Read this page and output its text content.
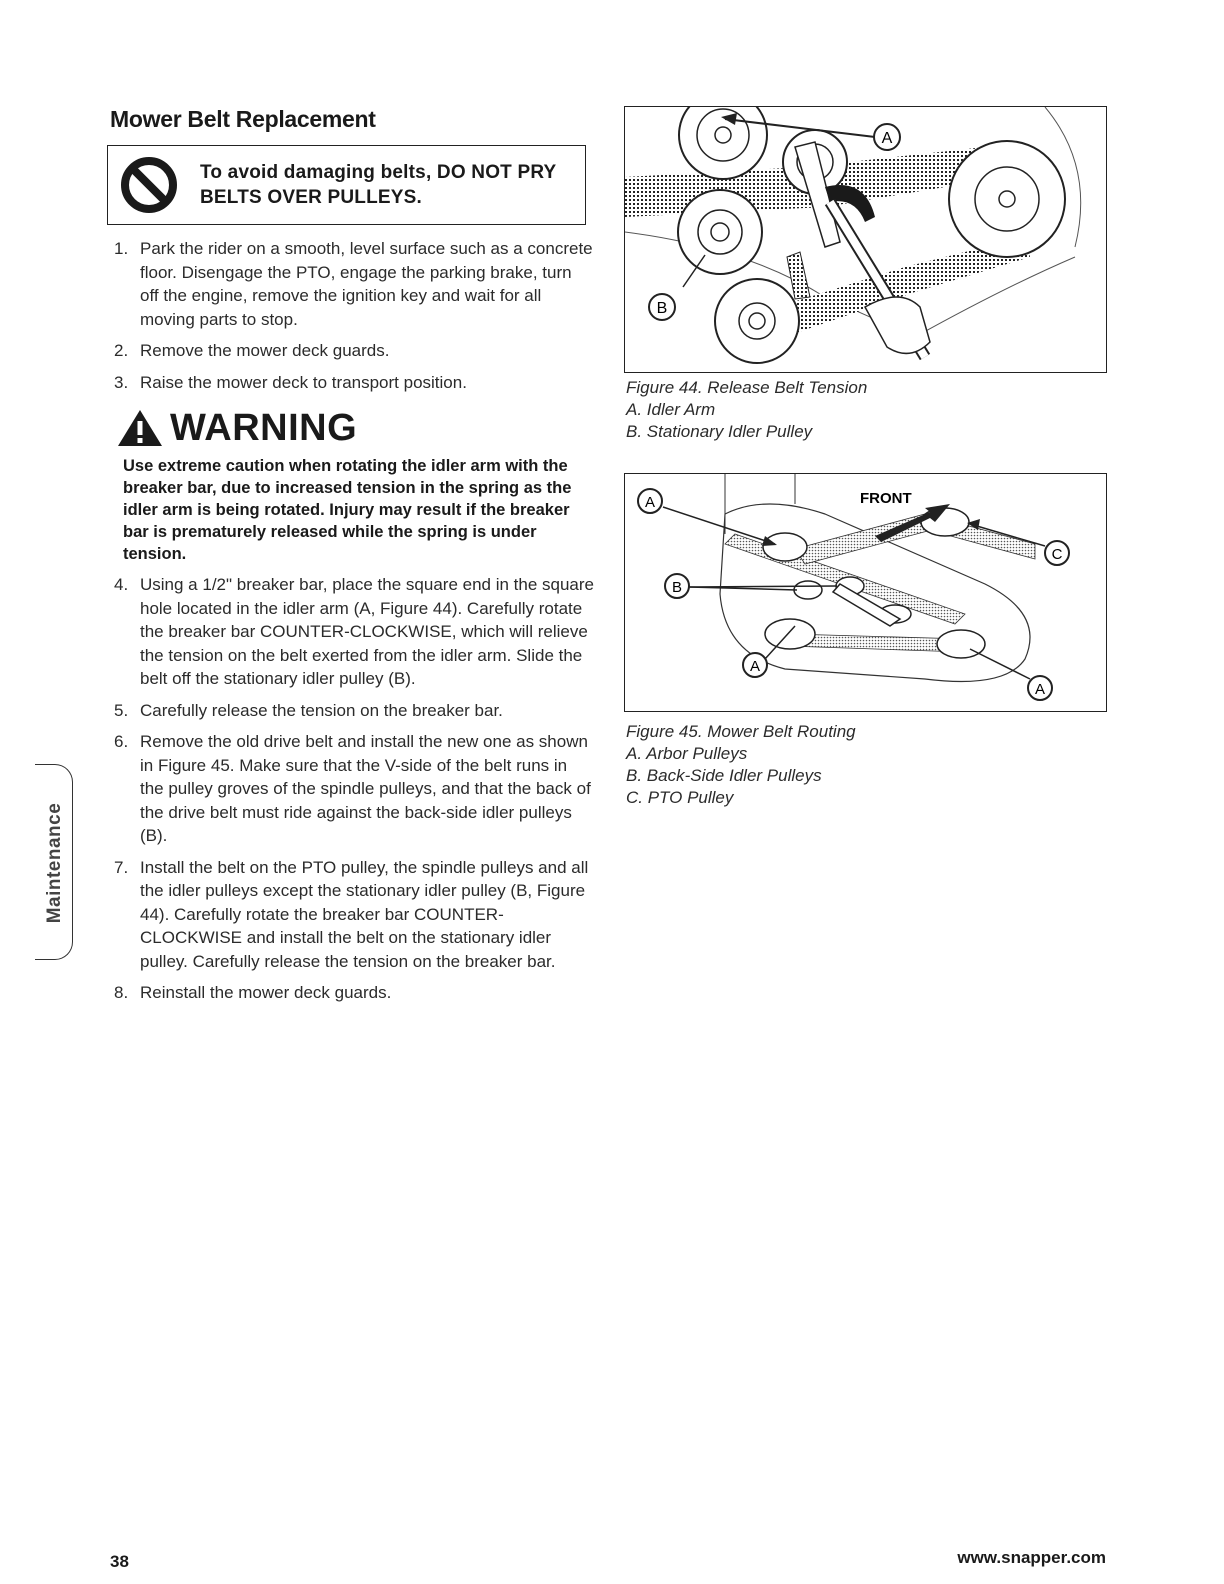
Mower Belt Replacement
To avoid damaging belts, DO NOT PRY BELTS OVER PULLEYS.
1. Park the rider on a smooth, level surface such as a concrete floor. Disengage the PTO, engage the parking brake, turn off the engine, remove the ignition key and wait for all moving parts to stop.
2. Remove the mower deck guards.
3. Raise the mower deck to transport position.
WARNING

Use extreme caution when rotating the idler arm with the breaker bar, due to increased tension in the spring as the idler arm is being rotated. Injury may result if the breaker bar is prematurely released while the spring is under tension.

4. Using a 1/2" breaker bar, place the square end in the square hole located in the idler arm (A, Figure 44). Carefully rotate the breaker bar COUNTER-CLOCKWISE, which will relieve the tension on the belt exerted from the idler arm. Slide the belt off the stationary idler pulley (B).
5. Carefully release the tension on the breaker bar.
6. Remove the old drive belt and install the new one as shown in Figure 45. Make sure that the V-side of the belt runs in the pulley groves of the spindle pulleys, and that the back of the drive belt must ride against the back-side idler pulleys (B).
7. Install the belt on the PTO pulley, the spindle pulleys and all the idler pulleys except the stationary idler pulley (B, Figure 44). Carefully rotate the breaker bar COUNTER-CLOCKWISE and install the belt on the stationary idler pulley. Carefully release the tension on the breaker bar.
8. Reinstall the mower deck guards.
A
B

Figure 44. Release Belt Tension
A. Idler Arm
B. Stationary Idler Pulley

FRONT
A
B
C
A
A

Figure 45. Mower Belt Routing
A. Arbor Pulleys
B. Back-Side Idler Pulleys
C. PTO Pulley

Maintenance
38	www.snapper.com
